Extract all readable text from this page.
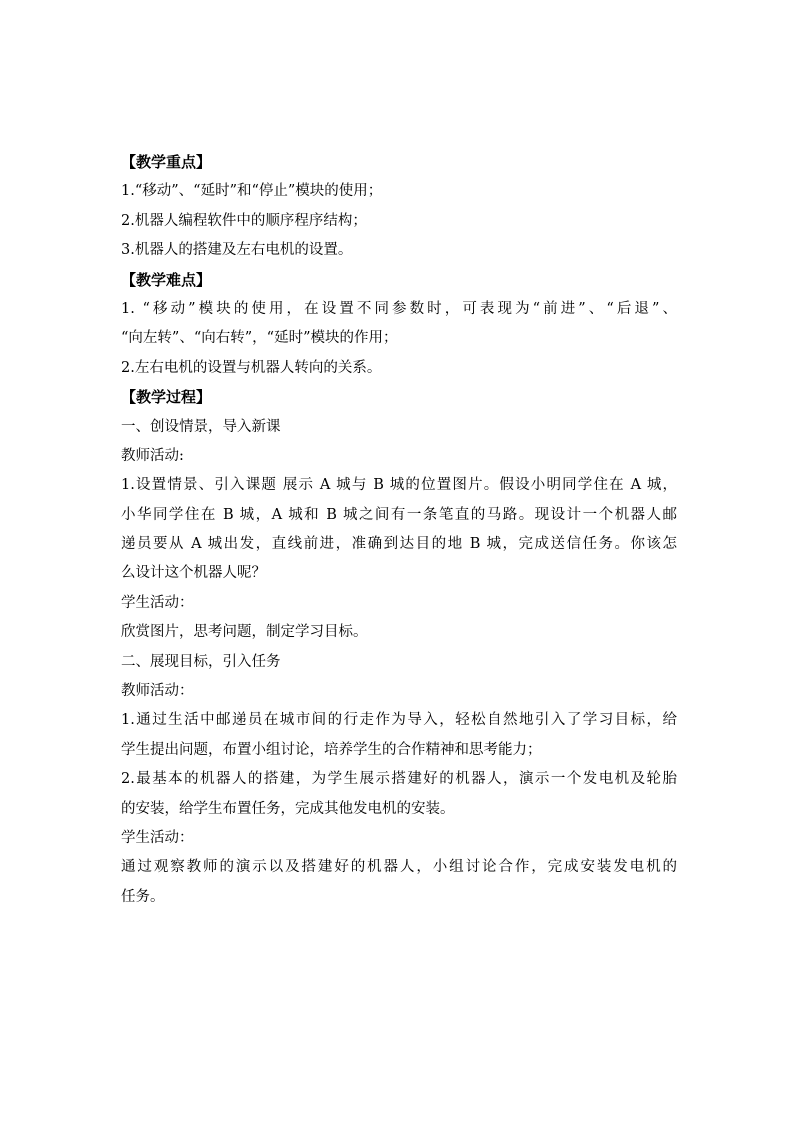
【教学重点】
1.“移动”、“延时”和“停止”模块的使用；
2.机器人编程软件中的顺序程序结构；
3.机器人的搭建及左右电机的设置。
【教学难点】
1. “移动”模块的使用，在设置不同参数时，可表现为“前进”、“后退”、
“向左转”、“向右转”，“延时”模块的作用；
2.左右电机的设置与机器人转向的关系。
【教学过程】
一、创设情景，导入新课
教师活动:
1.设置情景、引入课题 展示 A 城与 B 城的位置图片。假设小明同学住在 A 城，
小华同学住在 B 城，A 城和 B 城之间有一条笔直的马路。现设计一个机器人邮
递员要从 A 城出发，直线前进，准确到达目的地 B 城，完成送信任务。你该怎
么设计这个机器人呢？
学生活动：
欣赏图片，思考问题，制定学习目标。
二、展现目标，引入任务
教师活动：
1.通过生活中邮递员在城市间的行走作为导入，轻松自然地引入了学习目标，给
学生提出问题，布置小组讨论，培养学生的合作精神和思考能力；
2.最基本的机器人的搭建，为学生展示搭建好的机器人，演示一个发电机及轮胎
的安装，给学生布置任务，完成其他发电机的安装。
学生活动：
通过观察教师的演示以及搭建好的机器人，小组讨论合作，完成安装发电机的
任务。
